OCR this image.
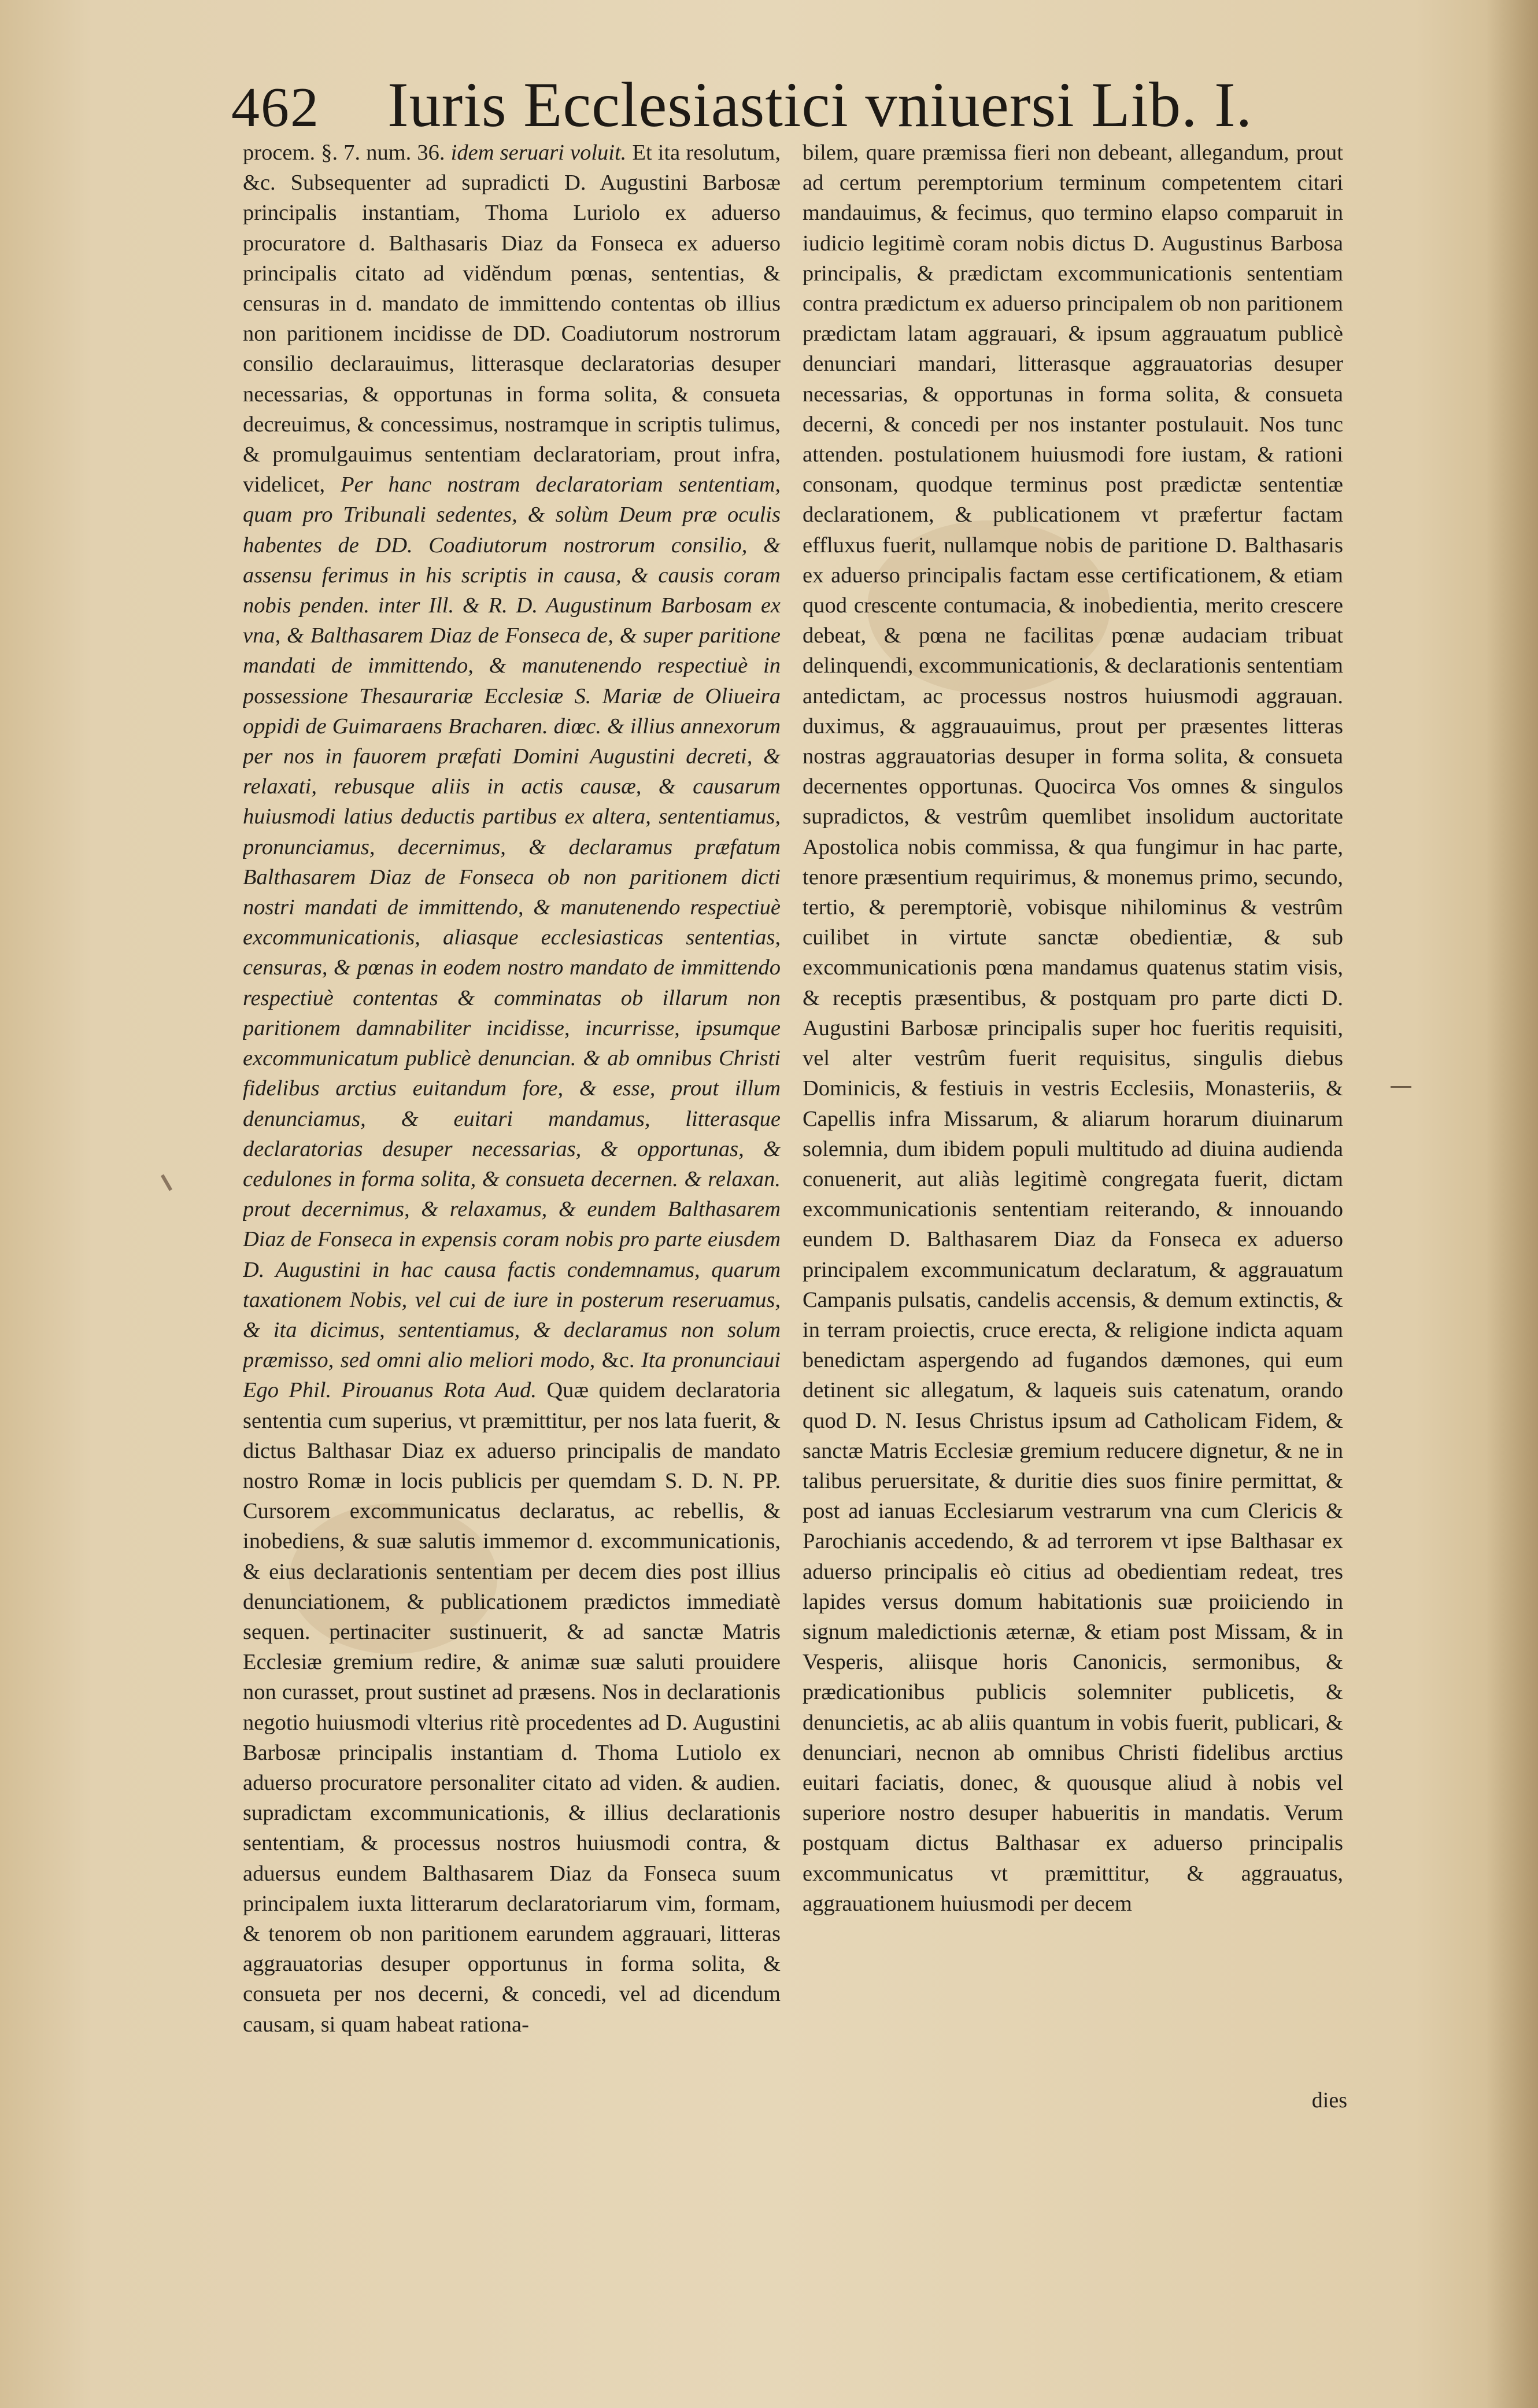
462 Iuris Ecclesiastici vniuersi Lib. I.
procem. §. 7. num. 36. idem seruari voluit. Et ita resolutum, &c. Subsequenter ad supradicti D. Augustini Barbosæ principalis instantiam, Thoma Luriolo ex aduerso procuratore d. Balthasaris Diaz da Fonseca ex aduerso principalis citato ad vidĕndum pœnas, sententias, & censuras in d. mandato de immittendo contentas ob illius non paritionem incidisse de DD. Coadiutorum nostrorum consilio declarauimus, litterasque declaratorias desuper necessarias, & opportunas in forma solita, & consueta decreuimus, & concessimus, nostramque in scriptis tulimus, & promulgauimus sententiam declaratoriam, prout infra, videlicet, Per hanc nostram declaratoriam sententiam, quam pro Tribunali sedentes, & solùm Deum præ oculis habentes de DD. Coadiutorum nostrorum consilio, & assensu ferimus in his scriptis in causa, & causis coram nobis penden. inter Ill. & R. D. Augustinum Barbosam ex vna, & Balthasarem Diaz de Fonseca de, & super paritione mandati de immittendo, & manutenendo respectiuè in possessione Thesaurariæ Ecclesiæ S. Mariæ de Oliueira oppidi de Guimaraens Bracharen. diœc. & illius annexorum per nos in fauorem præfati Domini Augustini decreti, & relaxati, rebusque aliis in actis causæ, & causarum huiusmodi latius deductis partibus ex altera, sententiamus, pronunciamus, decernimus, & declaramus præfatum Balthasarem Diaz de Fonseca ob non paritionem dicti nostri mandati de immittendo, & manutenendo respectiuè excommunicationis, aliasque ecclesiasticas sententias, censuras, & pœnas in eodem nostro mandato de immittendo respectiuè contentas & comminatas ob illarum non paritionem damnabiliter incidisse, incurrisse, ipsumque excommunicatum publicè denuncian. & ab omnibus Christi fidelibus arctius euitandum fore, & esse, prout illum denunciamus, & euitari mandamus, litterasque declaratorias desuper necessarias, & opportunas, & cedulones in forma solita, & consueta decernen. & relaxan. prout decernimus, & relaxamus, & eundem Balthasarem Diaz de Fonseca in expensis coram nobis pro parte eiusdem D. Augustini in hac causa factis condemnamus, quarum taxationem Nobis, vel cui de iure in posterum reseruamus, & ita dicimus, sententiamus, & declaramus non solum præmisso, sed omni alio meliori modo, &c. Ita pronunciaui Ego Phil. Pirouanus Rota Aud. Quæ quidem declaratoria sententia cum superius, vt præmittitur, per nos lata fuerit, & dictus Balthasar Diaz ex aduerso principalis de mandato nostro Romæ in locis publicis per quemdam S. D. N. PP. Cursorem excommunicatus declaratus, ac rebellis, & inobediens, & suæ salutis immemor d. excommunicationis, & eius declarationis sententiam per decem dies post illius denunciationem, & publicationem prædictos immediatè sequen. pertinaciter sustinuerit, & ad sanctæ Matris Ecclesiæ gremium redire, & animæ suæ saluti prouidere non curasset, prout sustinet ad præsens. Nos in declarationis negotio huiusmodi vlterius ritè procedentes ad D. Augustini Barbosæ principalis instantiam d. Thoma Lutiolo ex aduerso procuratore personaliter citato ad viden. & audien. supradictam excommunicationis, & illius declarationis sententiam, & processus nostros huiusmodi contra, & aduersus eundem Balthasarem Diaz da Fonseca suum principalem iuxta litterarum declaratoriarum vim, formam, & tenorem ob non paritionem earundem aggrauari, litteras aggrauatorias desuper opportunus in forma solita, & consueta per nos decerni, & concedi, vel ad dicendum causam, si quam habeat rationa-
bilem, quare præmissa fieri non debeant, allegandum, prout ad certum peremptorium terminum competentem citari mandauimus, & fecimus, quo termino elapso comparuit in iudicio legitimè coram nobis dictus D. Augustinus Barbosa principalis, & prædictam excommunicationis sententiam contra prædictum ex aduerso principalem ob non paritionem prædictam latam aggrauari, & ipsum aggrauatum publicè denunciari mandari, litterasque aggrauatorias desuper necessarias, & opportunas in forma solita, & consueta decerni, & concedi per nos instanter postulauit. Nos tunc attenden. postulationem huiusmodi fore iustam, & rationi consonam, quodque terminus post prædictæ sententiæ declarationem, & publicationem vt præfertur factam effluxus fuerit, nullamque nobis de paritione D. Balthasaris ex aduerso principalis factam esse certificationem, & etiam quod crescente contumacia, & inobedientia, merito crescere debeat, & pœna ne facilitas pœnæ audaciam tribuat delinquendi, excommunicationis, & declarationis sententiam antedictam, ac processus nostros huiusmodi aggrauan. duximus, & aggrauauimus, prout per præsentes litteras nostras aggrauatorias desuper in forma solita, & consueta decernentes opportunas. Quocirca Vos omnes & singulos supradictos, & vestrûm quemlibet insolidum auctoritate Apostolica nobis commissa, & qua fungimur in hac parte, tenore præsentium requirimus, & monemus primo, secundo, tertio, & peremptoriè, vobisque nihilominus & vestrûm cuilibet in virtute sanctæ obedientiæ, & sub excommunicationis pœna mandamus quatenus statim visis, & receptis præsentibus, & postquam pro parte dicti D. Augustini Barbosæ principalis super hoc fueritis requisiti, vel alter vestrûm fuerit requisitus, singulis diebus Dominicis, & festiuis in vestris Ecclesiis, Monasteriis, & Capellis infra Missarum, & aliarum horarum diuinarum solemnia, dum ibidem populi multitudo ad diuina audienda conuenerit, aut aliàs legitimè congregata fuerit, dictam excommunicationis sententiam reiterando, & innouando eundem D. Balthasarem Diaz da Fonseca ex aduerso principalem excommunicatum declaratum, & aggrauatum Campanis pulsatis, candelis accensis, & demum extinctis, & in terram proiectis, cruce erecta, & religione indicta aquam benedictam aspergendo ad fugandos dæmones, qui eum detinent sic allegatum, & laqueis suis catenatum, orando quod D. N. Iesus Christus ipsum ad Catholicam Fidem, & sanctæ Matris Ecclesiæ gremium reducere dignetur, & ne in talibus peruersitate, & duritie dies suos finire permittat, & post ad ianuas Ecclesiarum vestrarum vna cum Clericis & Parochianis accedendo, & ad terrorem vt ipse Balthasar ex aduerso principalis eò citius ad obedientiam redeat, tres lapides versus domum habitationis suæ proiiciendo in signum maledictionis æternæ, & etiam post Missam, & in Vesperis, aliisque horis Canonicis, sermonibus, & prædicationibus publicis solemniter publicetis, & denuncietis, ac ab aliis quantum in vobis fuerit, publicari, & denunciari, necnon ab omnibus Christi fidelibus arctius euitari faciatis, donec, & quousque aliud à nobis vel superiore nostro desuper habueritis in mandatis. Verum postquam dictus Balthasar ex aduerso principalis excommunicatus vt præmittitur, & aggrauatus, aggrauationem huiusmodi per decem
dies
